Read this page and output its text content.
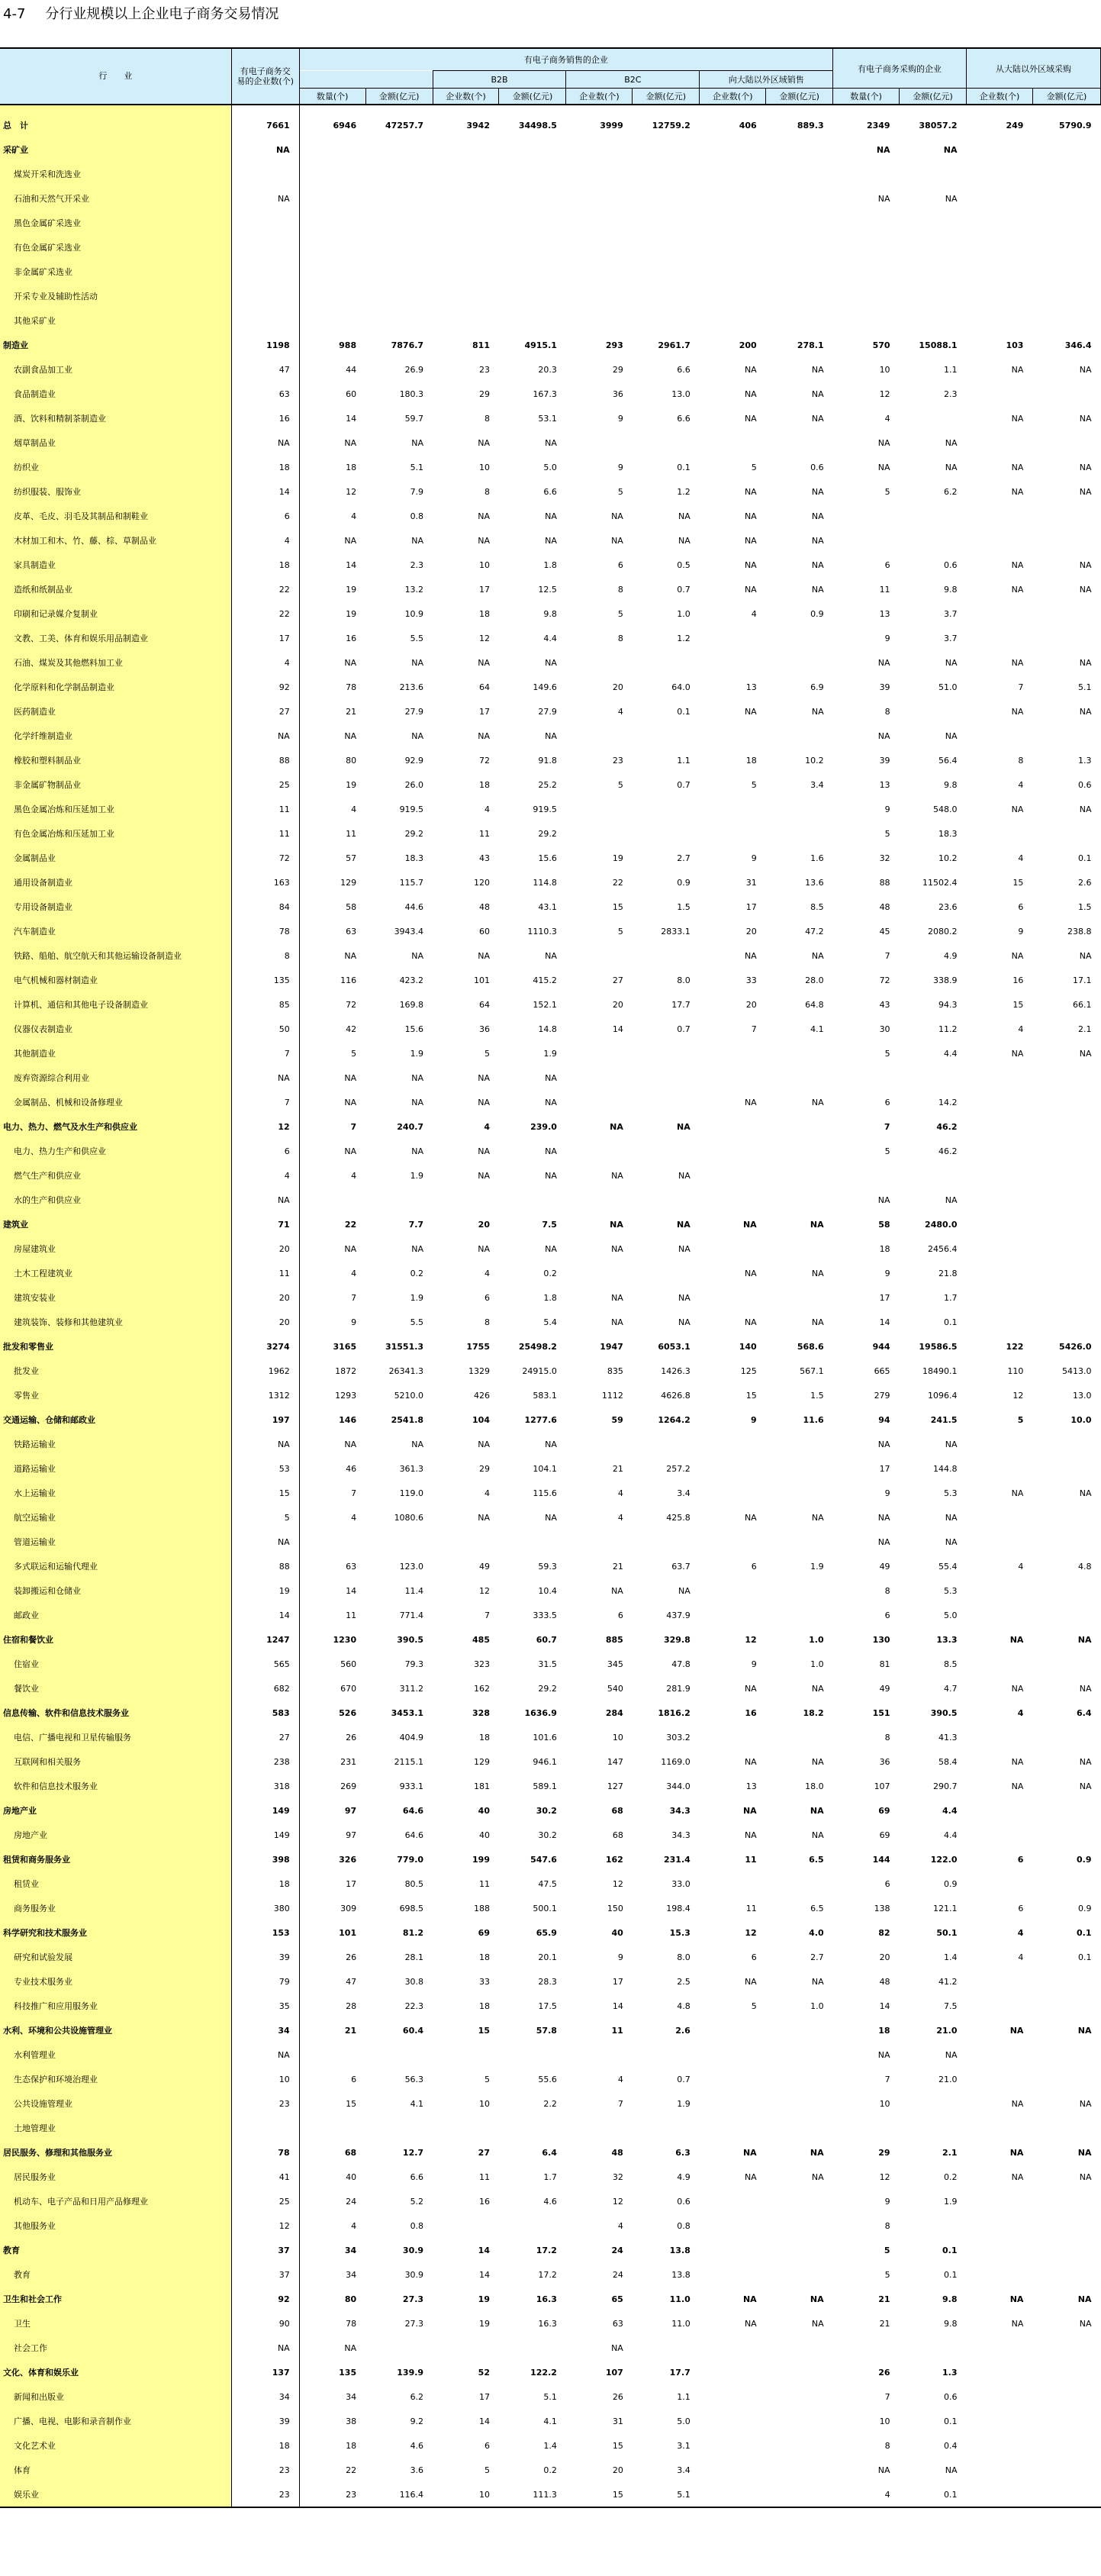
4-7 分行业规模以上企业电子商务交易情况
行　　业	有电子商务交易的企业数(个)	有电子商务销售的企业								有电子商务采购的企业		从大陆以外区域采购	
				B2B		B2C		向大陆以外区域销售					
		数量(个)	金额(亿元)	企业数(个)	金额(亿元)	企业数(个)	金额(亿元)	企业数(个)	金额(亿元)	数量(个)	金额(亿元)	企业数(个)	金额(亿元)

总　计	7661	6946	47257.7	3942	34498.5	3999	12759.2	406	889.3	2349	38057.2	249	5790.9
采矿业	NA									NA	NA		
煤炭开采和洗选业													
石油和天然气开采业	NA									NA	NA		
黑色金属矿采选业													
有色金属矿采选业													
非金属矿采选业													
开采专业及辅助性活动													
其他采矿业													
制造业	1198	988	7876.7	811	4915.1	293	2961.7	200	278.1	570	15088.1	103	346.4
农副食品加工业	47	44	26.9	23	20.3	29	6.6	NA	NA	10	1.1	NA	NA
食品制造业	63	60	180.3	29	167.3	36	13.0	NA	NA	12	2.3		
酒、饮料和精制茶制造业	16	14	59.7	8	53.1	9	6.6	NA	NA	4		NA	NA
烟草制品业	NA	NA	NA	NA	NA					NA	NA		
纺织业	18	18	5.1	10	5.0	9	0.1	5	0.6	NA	NA	NA	NA
纺织服装、服饰业	14	12	7.9	8	6.6	5	1.2	NA	NA	5	6.2	NA	NA
皮革、毛皮、羽毛及其制品和制鞋业	6	4	0.8	NA	NA	NA	NA	NA	NA				
木材加工和木、竹、藤、棕、草制品业	4	NA	NA	NA	NA	NA	NA	NA	NA				
家具制造业	18	14	2.3	10	1.8	6	0.5	NA	NA	6	0.6	NA	NA
造纸和纸制品业	22	19	13.2	17	12.5	8	0.7	NA	NA	11	9.8	NA	NA
印刷和记录媒介复制业	22	19	10.9	18	9.8	5	1.0	4	0.9	13	3.7		
文教、工美、体育和娱乐用品制造业	17	16	5.5	12	4.4	8	1.2			9	3.7		
石油、煤炭及其他燃料加工业	4	NA	NA	NA	NA					NA	NA	NA	NA
化学原料和化学制品制造业	92	78	213.6	64	149.6	20	64.0	13	6.9	39	51.0	7	5.1
医药制造业	27	21	27.9	17	27.9	4	0.1	NA	NA	8		NA	NA
化学纤维制造业	NA	NA	NA	NA	NA					NA	NA		
橡胶和塑料制品业	88	80	92.9	72	91.8	23	1.1	18	10.2	39	56.4	8	1.3
非金属矿物制品业	25	19	26.0	18	25.2	5	0.7	5	3.4	13	9.8	4	0.6
黑色金属冶炼和压延加工业	11	4	919.5	4	919.5					9	548.0	NA	NA
有色金属冶炼和压延加工业	11	11	29.2	11	29.2					5	18.3		
金属制品业	72	57	18.3	43	15.6	19	2.7	9	1.6	32	10.2	4	0.1
通用设备制造业	163	129	115.7	120	114.8	22	0.9	31	13.6	88	11502.4	15	2.6
专用设备制造业	84	58	44.6	48	43.1	15	1.5	17	8.5	48	23.6	6	1.5
汽车制造业	78	63	3943.4	60	1110.3	5	2833.1	20	47.2	45	2080.2	9	238.8
铁路、船舶、航空航天和其他运输设备制造业	8	NA	NA	NA	NA			NA	NA	7	4.9	NA	NA
电气机械和器材制造业	135	116	423.2	101	415.2	27	8.0	33	28.0	72	338.9	16	17.1
计算机、通信和其他电子设备制造业	85	72	169.8	64	152.1	20	17.7	20	64.8	43	94.3	15	66.1
仪器仪表制造业	50	42	15.6	36	14.8	14	0.7	7	4.1	30	11.2	4	2.1
其他制造业	7	5	1.9	5	1.9					5	4.4	NA	NA
废弃资源综合利用业	NA	NA	NA	NA	NA								
金属制品、机械和设备修理业	7	NA	NA	NA	NA			NA	NA	6	14.2		
电力、热力、燃气及水生产和供应业	12	7	240.7	4	239.0	NA	NA			7	46.2		
电力、热力生产和供应业	6	NA	NA	NA	NA					5	46.2		
燃气生产和供应业	4	4	1.9	NA	NA	NA	NA						
水的生产和供应业	NA									NA	NA		
建筑业	71	22	7.7	20	7.5	NA	NA	NA	NA	58	2480.0		
房屋建筑业	20	NA	NA	NA	NA	NA	NA			18	2456.4		
土木工程建筑业	11	4	0.2	4	0.2			NA	NA	9	21.8		
建筑安装业	20	7	1.9	6	1.8	NA	NA			17	1.7		
建筑装饰、装修和其他建筑业	20	9	5.5	8	5.4	NA	NA	NA	NA	14	0.1		
批发和零售业	3274	3165	31551.3	1755	25498.2	1947	6053.1	140	568.6	944	19586.5	122	5426.0
批发业	1962	1872	26341.3	1329	24915.0	835	1426.3	125	567.1	665	18490.1	110	5413.0
零售业	1312	1293	5210.0	426	583.1	1112	4626.8	15	1.5	279	1096.4	12	13.0
交通运输、仓储和邮政业	197	146	2541.8	104	1277.6	59	1264.2	9	11.6	94	241.5	5	10.0
铁路运输业	NA	NA	NA	NA	NA					NA	NA		
道路运输业	53	46	361.3	29	104.1	21	257.2			17	144.8		
水上运输业	15	7	119.0	4	115.6	4	3.4			9	5.3	NA	NA
航空运输业	5	4	1080.6	NA	NA	4	425.8	NA	NA	NA	NA		
管道运输业	NA									NA	NA		
多式联运和运输代理业	88	63	123.0	49	59.3	21	63.7	6	1.9	49	55.4	4	4.8
装卸搬运和仓储业	19	14	11.4	12	10.4	NA	NA			8	5.3		
邮政业	14	11	771.4	7	333.5	6	437.9			6	5.0		
住宿和餐饮业	1247	1230	390.5	485	60.7	885	329.8	12	1.0	130	13.3	NA	NA
住宿业	565	560	79.3	323	31.5	345	47.8	9	1.0	81	8.5		
餐饮业	682	670	311.2	162	29.2	540	281.9	NA	NA	49	4.7	NA	NA
信息传输、软件和信息技术服务业	583	526	3453.1	328	1636.9	284	1816.2	16	18.2	151	390.5	4	6.4
电信、广播电视和卫星传输服务	27	26	404.9	18	101.6	10	303.2			8	41.3		
互联网和相关服务	238	231	2115.1	129	946.1	147	1169.0	NA	NA	36	58.4	NA	NA
软件和信息技术服务业	318	269	933.1	181	589.1	127	344.0	13	18.0	107	290.7	NA	NA
房地产业	149	97	64.6	40	30.2	68	34.3	NA	NA	69	4.4		
房地产业	149	97	64.6	40	30.2	68	34.3	NA	NA	69	4.4		
租赁和商务服务业	398	326	779.0	199	547.6	162	231.4	11	6.5	144	122.0	6	0.9
租赁业	18	17	80.5	11	47.5	12	33.0			6	0.9		
商务服务业	380	309	698.5	188	500.1	150	198.4	11	6.5	138	121.1	6	0.9
科学研究和技术服务业	153	101	81.2	69	65.9	40	15.3	12	4.0	82	50.1	4	0.1
研究和试验发展	39	26	28.1	18	20.1	9	8.0	6	2.7	20	1.4	4	0.1
专业技术服务业	79	47	30.8	33	28.3	17	2.5	NA	NA	48	41.2		
科技推广和应用服务业	35	28	22.3	18	17.5	14	4.8	5	1.0	14	7.5		
水利、环境和公共设施管理业	34	21	60.4	15	57.8	11	2.6			18	21.0	NA	NA
水利管理业	NA									NA	NA		
生态保护和环境治理业	10	6	56.3	5	55.6	4	0.7			7	21.0		
公共设施管理业	23	15	4.1	10	2.2	7	1.9			10		NA	NA
土地管理业													
居民服务、修理和其他服务业	78	68	12.7	27	6.4	48	6.3	NA	NA	29	2.1	NA	NA
居民服务业	41	40	6.6	11	1.7	32	4.9	NA	NA	12	0.2	NA	NA
机动车、电子产品和日用产品修理业	25	24	5.2	16	4.6	12	0.6			9	1.9		
其他服务业	12	4	0.8			4	0.8			8			
教育	37	34	30.9	14	17.2	24	13.8			5	0.1		
教育	37	34	30.9	14	17.2	24	13.8			5	0.1		
卫生和社会工作	92	80	27.3	19	16.3	65	11.0	NA	NA	21	9.8	NA	NA
卫生	90	78	27.3	19	16.3	63	11.0	NA	NA	21	9.8	NA	NA
社会工作	NA	NA				NA							
文化、体育和娱乐业	137	135	139.9	52	122.2	107	17.7			26	1.3		
新闻和出版业	34	34	6.2	17	5.1	26	1.1			7	0.6		
广播、电视、电影和录音制作业	39	38	9.2	14	4.1	31	5.0			10	0.1		
文化艺术业	18	18	4.6	6	1.4	15	3.1			8	0.4		
体育	23	22	3.6	5	0.2	20	3.4			NA	NA		
娱乐业	23	23	116.4	10	111.3	15	5.1			4	0.1		
